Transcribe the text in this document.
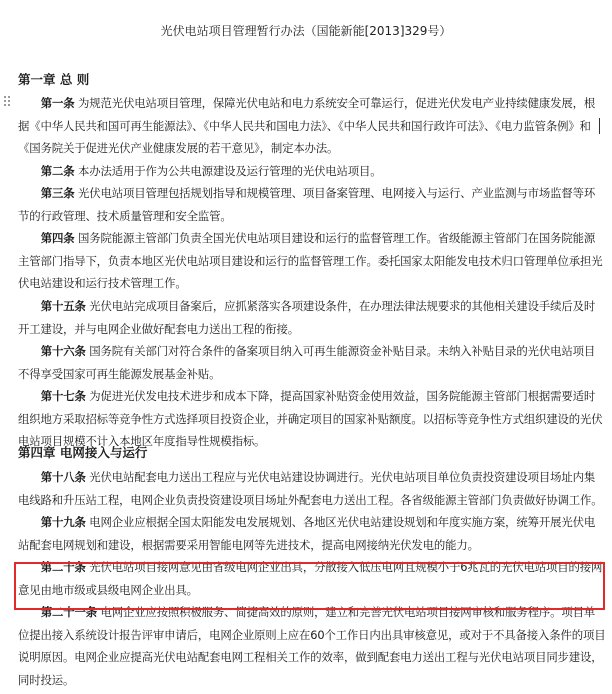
光伏电站项目管理暂行办法（国能新能[2013]329号）
第一章 总 则

第一条 为规范光伏电站项目管理，保障光伏电站和电力系统安全可靠运行，促进光伏发电产业持续健康发展，根据《中华人民共和国可再生能源法》、《中华人民共和国电力法》、《中华人民共和国行政许可法》、《电力监管条例》和《国务院关于促进光伏产业健康发展的若干意见》，制定本办法。

第二条 本办法适用于作为公共电源建设及运行管理的光伏电站项目。

第三条 光伏电站项目管理包括规划指导和规模管理、项目备案管理、电网接入与运行、产业监测与市场监督等环节的行政管理、技术质量管理和安全监管。

第四条 国务院能源主管部门负责全国光伏电站项目建设和运行的监督管理工作。省级能源主管部门在国务院能源主管部门指导下，负责本地区光伏电站项目建设和运行的监督管理工作。委托国家太阳能发电技术归口管理单位承担光伏电站建设和运行技术管理工作。

第十五条 光伏电站完成项目备案后，应抓紧落实各项建设条件，在办理法律法规要求的其他相关建设手续后及时开工建设，并与电网企业做好配套电力送出工程的衔接。

第十六条 国务院有关部门对符合条件的备案项目纳入可再生能源资金补贴目录。未纳入补贴目录的光伏电站项目不得享受国家可再生能源发展基金补贴。

第十七条 为促进光伏发电技术进步和成本下降，提高国家补贴资金使用效益，国务院能源主管部门根据需要适时组织地方采取招标等竞争性方式选择项目投资企业，并确定项目的国家补贴额度。以招标等竞争性方式组织建设的光伏电站项目规模不计入本地区年度指导性规模指标。

第四章 电网接入与运行

第十八条 光伏电站配套电力送出工程应与光伏电站建设协调进行。光伏电站项目单位负责投资建设项目场址内集电线路和升压站工程，电网企业负责投资建设项目场址外配套电力送出工程。各省级能源主管部门负责做好协调工作。

第十九条 电网企业应根据全国太阳能发电发展规划、各地区光伏电站建设规划和年度实施方案，统筹开展光伏电站配套电网规划和建设，根据需要采用智能电网等先进技术，提高电网接纳光伏发电的能力。

第二十条 光伏电站项目接网意见由省级电网企业出具，分散接入低压电网且规模小于6兆瓦的光伏电站项目的接网意见由地市级或县级电网企业出具。

第二十一条 电网企业应按照积极服务、简捷高效的原则，建立和完善光伏电站项目接网审核和服务程序。项目单位提出接入系统设计报告评审申请后，电网企业原则上应在60个工作日内出具审核意见，或对于不具备接入条件的项目说明原因。电网企业应提高光伏电站配套电网工程相关工作的效率，做到配套电力送出工程与光伏电站项目同步建设，同时投运。
